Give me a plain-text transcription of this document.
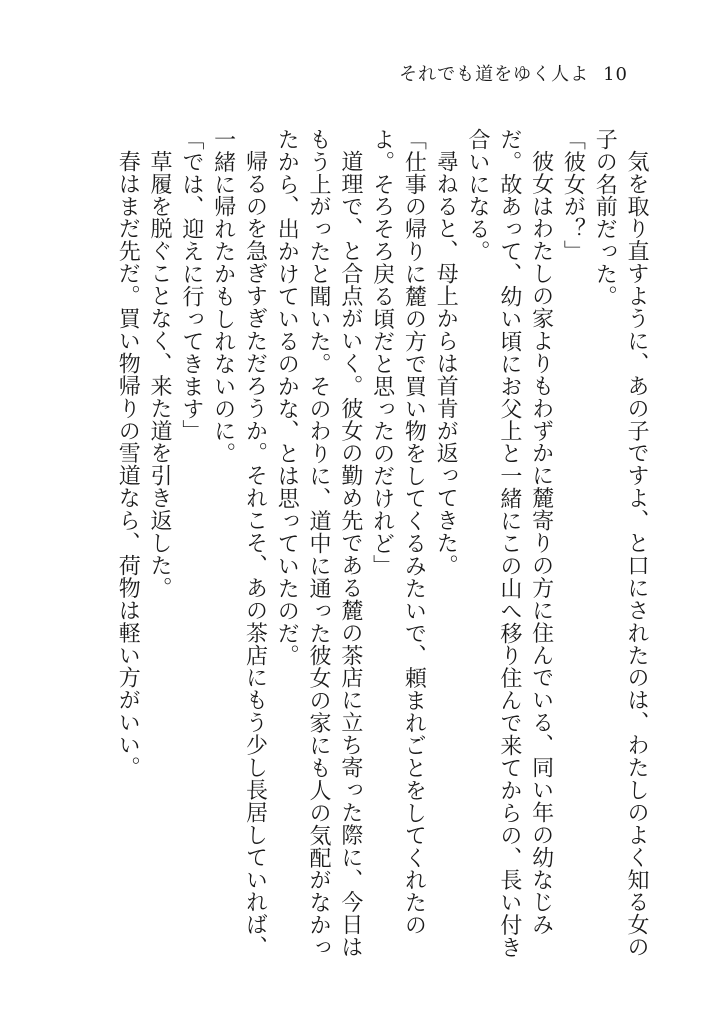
それでも道をゆく人よ 10

気を取り直すように、あの子ですよ、と口にされたのは、わたしのよく知る女の子の名前だった。

「彼女が？」

彼女はわたしの家よりもわずかに麓寄りの方に住んでいる、同い年の幼なじみだ。故あって、幼い頃にお父上と一緒にこの山へ移り住んで来てからの、長い付き合いになる。

尋ねると、母上からは首肯が返ってきた。

「仕事の帰りに麓の方で買い物をしてくるみたいで、頼まれごとをしてくれたのよ。そろそろ戻る頃だと思ったのだけれど」

道理で、と合点がいく。彼女の勤め先である麓の茶店に立ち寄った際に、今日はもう上がったと聞いた。そのわりに、道中に通った彼女の家にも人の気配がなかったから、出かけているのかな、とは思っていたのだ。

帰るのを急ぎすぎただろうか。それこそ、あの茶店にもう少し長居していれば、一緒に帰れたかもしれないのに。

「では、迎えに行ってきます」

草履を脱ぐことなく、来た道を引き返した。

春はまだ先だ。買い物帰りの雪道なら、荷物は軽い方がいい。
